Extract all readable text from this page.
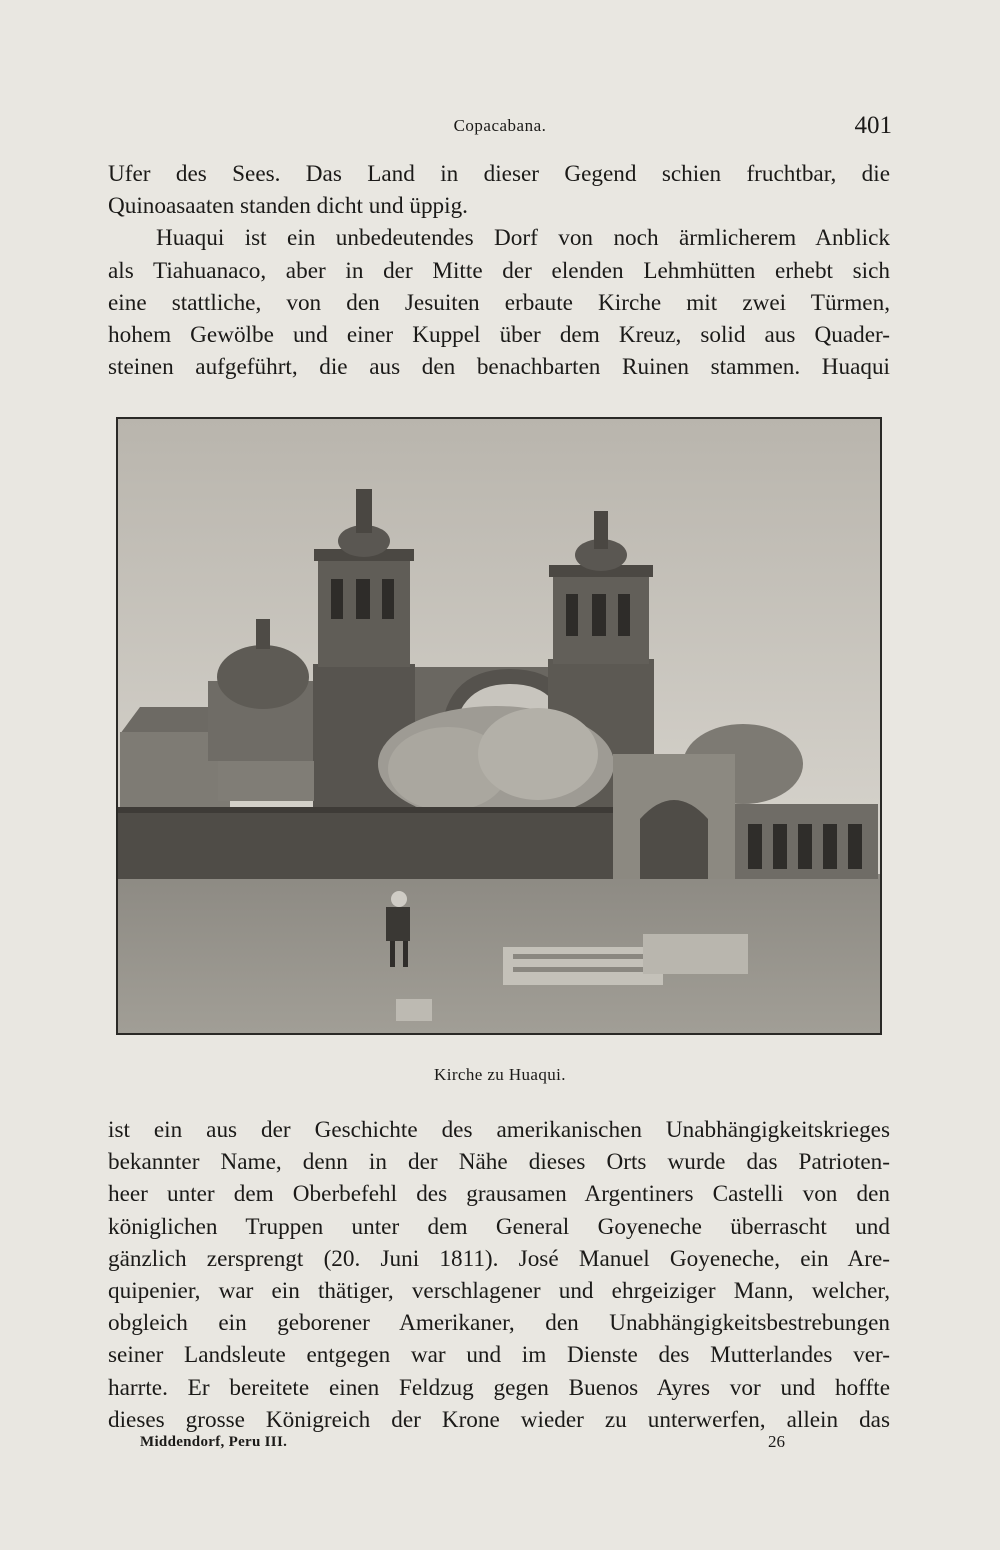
Copacabana.	401
Ufer des Sees. Das Land in dieser Gegend schien fruchtbar, die
Quinoasaaten standen dicht und üppig.
Huaqui ist ein unbedeutendes Dorf von noch ärmlicherem Anblick
als Tiahuanaco, aber in der Mitte der elenden Lehmhütten erhebt sich
eine stattliche, von den Jesuiten erbaute Kirche mit zwei Türmen,
hohem Gewölbe und einer Kuppel über dem Kreuz, solid aus Quader-
steinen aufgeführt, die aus den benachbarten Ruinen stammen. Huaqui
Kirche zu Huaqui.
ist ein aus der Geschichte des amerikanischen Unabhängigkeitskrieges
bekannter Name, denn in der Nähe dieses Orts wurde das Patrioten-
heer unter dem Oberbefehl des grausamen Argentiners Castelli von den
königlichen Truppen unter dem General Goyeneche überrascht und
gänzlich zersprengt (20. Juni 1811). José Manuel Goyeneche, ein Are-
quipenier, war ein thätiger, verschlagener und ehrgeiziger Mann, welcher,
obgleich ein geborener Amerikaner, den Unabhängigkeitsbestrebungen
seiner Landsleute entgegen war und im Dienste des Mutterlandes ver-
harrte. Er bereitete einen Feldzug gegen Buenos Ayres vor und hoffte
dieses grosse Königreich der Krone wieder zu unterwerfen, allein das
Middendorf, Peru III.	26
